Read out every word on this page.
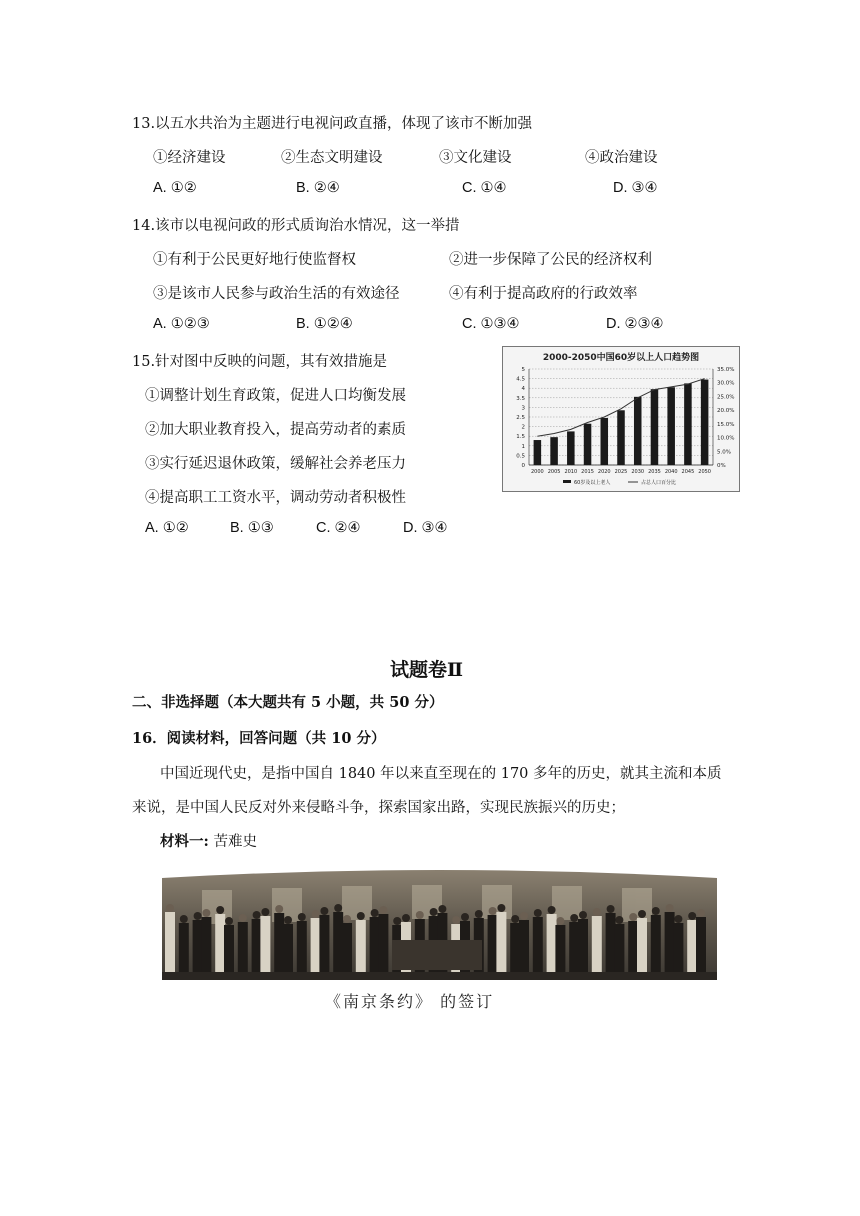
13.以五水共治为主题进行电视问政直播，体现了该市不断加强
①经济建设	②生态文明建设	③文化建设	④政治建设
A. ①②	B. ②④	C. ①④	D. ③④
14.该市以电视问政的形式质询治水情况，这一举措
①有利于公民更好地行使监督权	②进一步保障了公民的经济权利
③是该市人民参与政治生活的有效途径	④有利于提高政府的行政效率
A. ①②③	B. ①②④	C. ①③④	D. ②③④
15.针对图中反映的问题，其有效措施是
①调整计划生育政策，促进人口均衡发展
②加大职业教育投入，提高劳动者的素质
③实行延迟退休政策，缓解社会养老压力
④提高职工工资水平，调动劳动者积极性
A. ①②	B. ①③	C. ②④	D. ③④
2000-2050中国60岁以上人口趋势图
2000 2005 2010 2015 2020 2025 2030 2035 2040 2045 2050
0
0.5
1
1.5
2
2.5
3
3.5
4
4.5
5
0%
5.0%
10.0%
15.0%
20.0%
25.0%
30.0%
35.0%
60岁及以上老人	占总人口百分比
试题卷Ⅱ
二、非选择题（本大题共有 5 小题，共 50 分）
16．阅读材料，回答问题（共 10 分）
中国近现代史，是指中国自 1840 年以来直至现在的 170 多年的历史，就其主流和本质
来说，是中国人民反对外来侵略斗争，探索国家出路，实现民族振兴的历史；
材料一: 苦难史
《南京条约》 的签订
